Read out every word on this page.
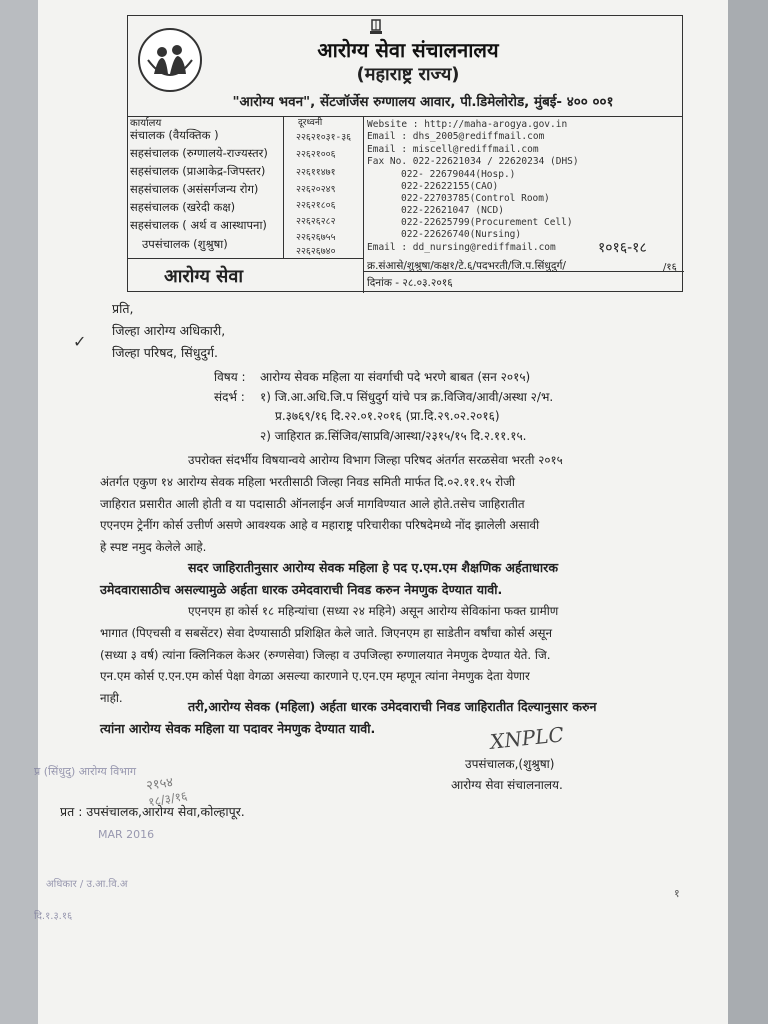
आरोग्य सेवा संचालनालय
(महाराष्ट्र राज्य)
"आरोग्य भवन", सेंटजॉर्जेस रुग्णालय आवार, पी.डिमेलोरोड, मुंबई- ४०० ००१
कार्यालय	दूरध्वनी
संचालक (वैयक्तिक )	२२६२१०३१-३६
सहसंचालक (रुग्णालये-राज्यस्तर)	२२६२१००६
सहसंचालक (प्राआकेद्र-जिपस्तर)	२२६११४७१
सहसंचालक (असंसर्गजन्य रोग)	२२६२०२४९
सहसंचालक (खरेदी कक्ष)	२२६२१८०६
सहसंचालक ( अर्थ व आस्थापना)	२२६२६२८२
उपसंचालक (शुश्रुषा)	२२६२६७५५
२२६२६७४०
Website : http://maha-arogya.gov.in
Email : dhs_2005@rediffmail.com
Email : miscell@rediffmail.com
Fax No. 022-22621034 / 22620234 (DHS)
022- 22679044(Hosp.)
022-22622155(CAO)
022-22703785(Control Room)
022-22621047 (NCD)
022-22625799(Procurement Cell)
022-22626740(Nursing)
Email : dd_nursing@rediffmail.com	१०१६-१८
आरोग्य सेवा	क्र.संआसे/शुश्रुषा/कक्ष१/टे.६/पदभरती/जि.प.सिंधुदुर्ग/	/१६
दिनांक - २८.०३.२०१६
प्रति,
जिल्हा आरोग्य अधिकारी,
जिल्हा परिषद, सिंधुदुर्ग.
✓
विषय : आरोग्य सेवक महिला या संवर्गाची पदे भरणे बाबत (सन २०१५)
संदर्भ : १) जि.आ.अधि.जि.प सिंधुदुर्ग यांचे पत्र क्र.विजिव/आवी/अस्था २/भ.
प्र.३७६९/१६ दि.२२.०१.२०१६ (प्रा.दि.२९.०२.२०१६)
२) जाहिरात क्र.सिंजिव/साप्रवि/आस्था/२३१५/१५ दि.२.११.१५.
उपरोक्त संदर्भीय विषयान्वये आरोग्य विभाग जिल्हा परिषद अंतर्गत सरळसेवा भरती २०१५
अंतर्गत एकुण १४ आरोग्य सेवक महिला भरतीसाठी जिल्हा निवड समिती मार्फत दि.०२.११.१५ रोजी
जाहिरात प्रसारीत आली होती व या पदासाठी ऑनलाईन अर्ज मागविण्यात आले होते.तसेच जाहिरातीत
एएनएम ट्रेनींग कोर्स उत्तीर्ण असणे आवश्यक आहे व महाराष्ट्र परिचारीका परिषदेमध्ये नोंद झालेली असावी
हे स्पष्ट नमुद केलेले आहे.
सदर जाहिरातीनुसार आरोग्य सेवक महिला हे पद ए.एम.एम शैक्षणिक अर्हताधारक
उमेदवारासाठीच असल्यामुळे अर्हता धारक उमेदवाराची निवड करुन नेमणुक देण्यात यावी.
एएनएम हा कोर्स १८ महिन्यांचा (सध्या २४ महिने) असून आरोग्य सेविकांना फक्त ग्रामीण
भागात (पिएचसी व सबसेंटर) सेवा देण्यासाठी प्रशिक्षित केले जाते. जिएनएम हा साडेतीन वर्षांचा कोर्स असून
(सध्या ३ वर्ष) त्यांना क्लिनिकल केअर (रुग्णसेवा) जिल्हा व उपजिल्हा रुग्णालयात नेमणुक देण्यात येते. जि.
एन.एम कोर्स ए.एन.एम कोर्स पेक्षा वेगळा असल्या कारणाने ए.एन.एम म्हणून त्यांना नेमणुक देता येणार
नाही.
तरी,आरोग्य सेवक (महिला) अर्हता धारक उमेदवाराची निवड जाहिरातीत दिल्यानुसार करुन
त्यांना आरोग्य सेवक महिला या पदावर नेमणुक देण्यात यावी.	XNPLC
उपसंचालक,(शुश्रुषा)
आरोग्य सेवा संचालनालय.
प्र (सिंधुदु) आरोग्य विभाग
२१५४
१८/३/१६
प्रत : उपसंचालक,आरोग्य सेवा,कोल्हापूर.
MAR 2016
अधिकार / उ.आ.वि.अ
दि.१.३.१६
१
